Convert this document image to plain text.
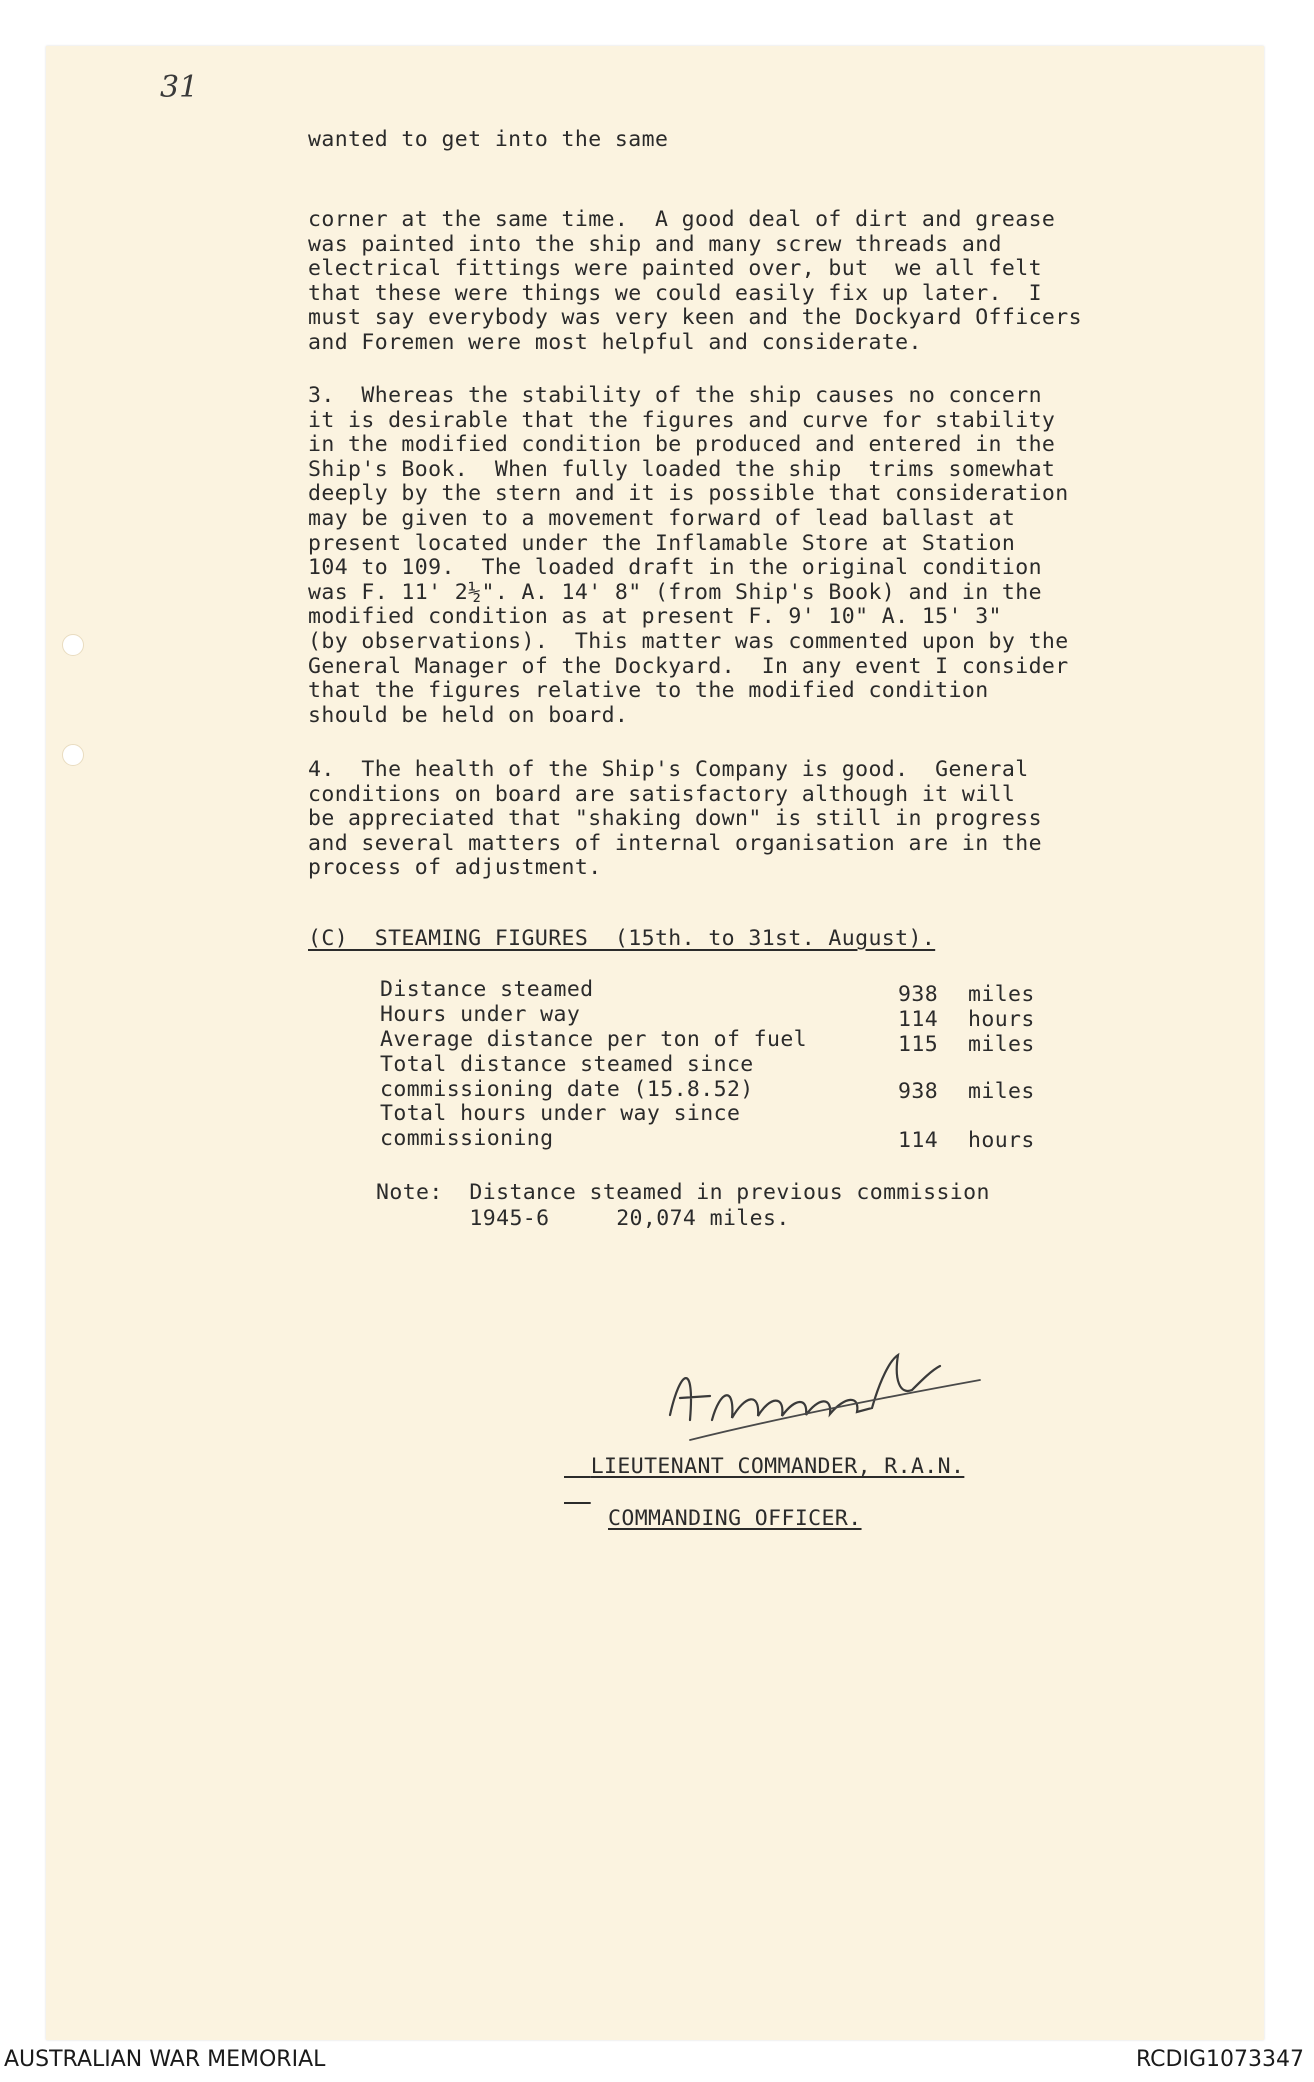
31
wanted to get into the same
corner at the same time.  A good deal of dirt and grease
was painted into the ship and many screw threads and
electrical fittings were painted over, but  we all felt
that these were things we could easily fix up later.  I
must say everybody was very keen and the Dockyard Officers
and Foremen were most helpful and considerate.
3.  Whereas the stability of the ship causes no concern
it is desirable that the figures and curve for stability
in the modified condition be produced and entered in the
Ship's Book.  When fully loaded the ship  trims somewhat
deeply by the stern and it is possible that consideration
may be given to a movement forward of lead ballast at
present located under the Inflamable Store at Station
104 to 109.  The loaded draft in the original condition
was F. 11' 2½". A. 14' 8" (from Ship's Book) and in the
modified condition as at present F. 9' 10" A. 15' 3"
(by observations).  This matter was commented upon by the
General Manager of the Dockyard.  In any event I consider
that the figures relative to the modified condition
should be held on board.
4.  The health of the Ship's Company is good.  General
conditions on board are satisfactory although it will
be appreciated that "shaking down" is still in progress
and several matters of internal organisation are in the
process of adjustment.
(C)  STEAMING FIGURES  (15th. to 31st. August).
Distance steamed	938 miles
Hours under way	114 hours
Average distance per ton of fuel	115 miles
Total distance steamed since
commissioning date (15.8.52)	938 miles
Total hours under way since
commissioning	114 hours
Note:  Distance steamed in previous commission
1945-6     20,074 miles.

LIEUTENANT COMMANDER, R.A.N.

COMMANDING OFFICER.

AUSTRALIAN WAR MEMORIAL	RCDIG1073347
